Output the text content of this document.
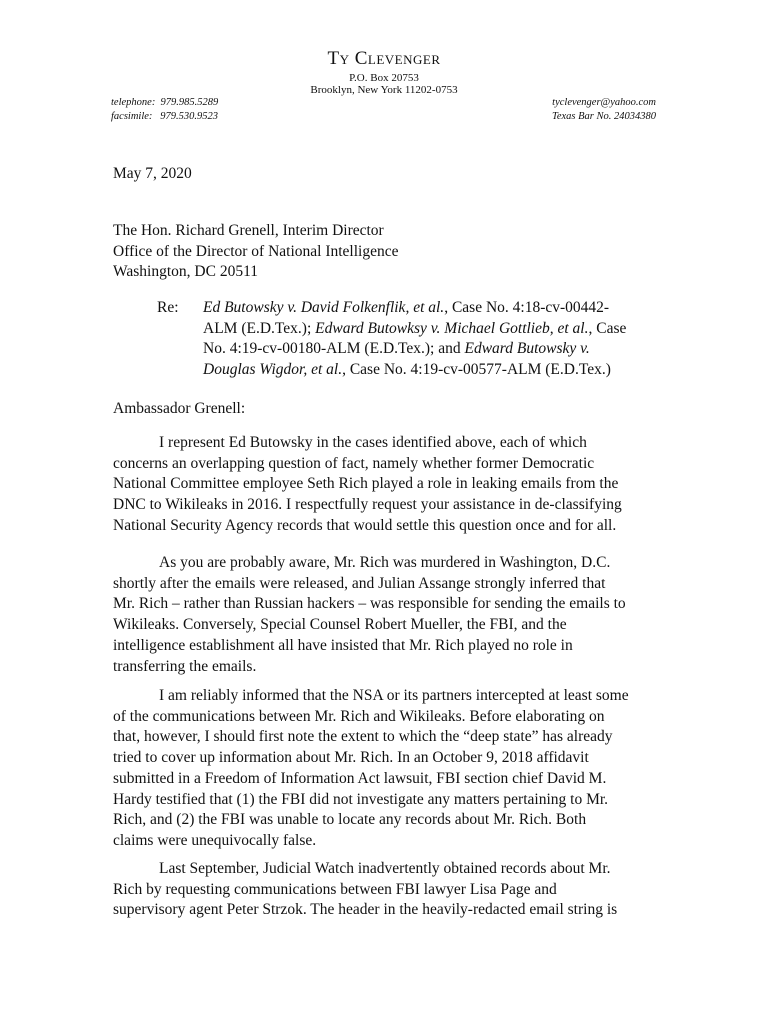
Ty Clevenger
P.O. Box 20753
Brooklyn, New York 11202-0753
telephone:  979.985.5289
facsimile:   979.530.9523
tyclevenger@yahoo.com
Texas Bar No. 24034380
May 7, 2020
The Hon. Richard Grenell, Interim Director
Office of the Director of National Intelligence
Washington, DC 20511
Re: Ed Butowsky v. David Folkenflik, et al., Case No. 4:18-cv-00442-
ALM (E.D.Tex.); Edward Butowksy v. Michael Gottlieb, et al., Case
No. 4:19-cv-00180-ALM (E.D.Tex.); and Edward Butowsky v.
Douglas Wigdor, et al., Case No. 4:19-cv-00577-ALM (E.D.Tex.)
Ambassador Grenell:
I represent Ed Butowsky in the cases identified above, each of which
concerns an overlapping question of fact, namely whether former Democratic
National Committee employee Seth Rich played a role in leaking emails from the
DNC to Wikileaks in 2016. I respectfully request your assistance in de-classifying
National Security Agency records that would settle this question once and for all.
As you are probably aware, Mr. Rich was murdered in Washington, D.C.
shortly after the emails were released, and Julian Assange strongly inferred that
Mr. Rich – rather than Russian hackers – was responsible for sending the emails to
Wikileaks. Conversely, Special Counsel Robert Mueller, the FBI, and the
intelligence establishment all have insisted that Mr. Rich played no role in
transferring the emails.
I am reliably informed that the NSA or its partners intercepted at least some
of the communications between Mr. Rich and Wikileaks. Before elaborating on
that, however, I should first note the extent to which the “deep state” has already
tried to cover up information about Mr. Rich. In an October 9, 2018 affidavit
submitted in a Freedom of Information Act lawsuit, FBI section chief David M.
Hardy testified that (1) the FBI did not investigate any matters pertaining to Mr.
Rich, and (2) the FBI was unable to locate any records about Mr. Rich. Both
claims were unequivocally false.
Last September, Judicial Watch inadvertently obtained records about Mr.
Rich by requesting communications between FBI lawyer Lisa Page and
supervisory agent Peter Strzok. The header in the heavily-redacted email string is
